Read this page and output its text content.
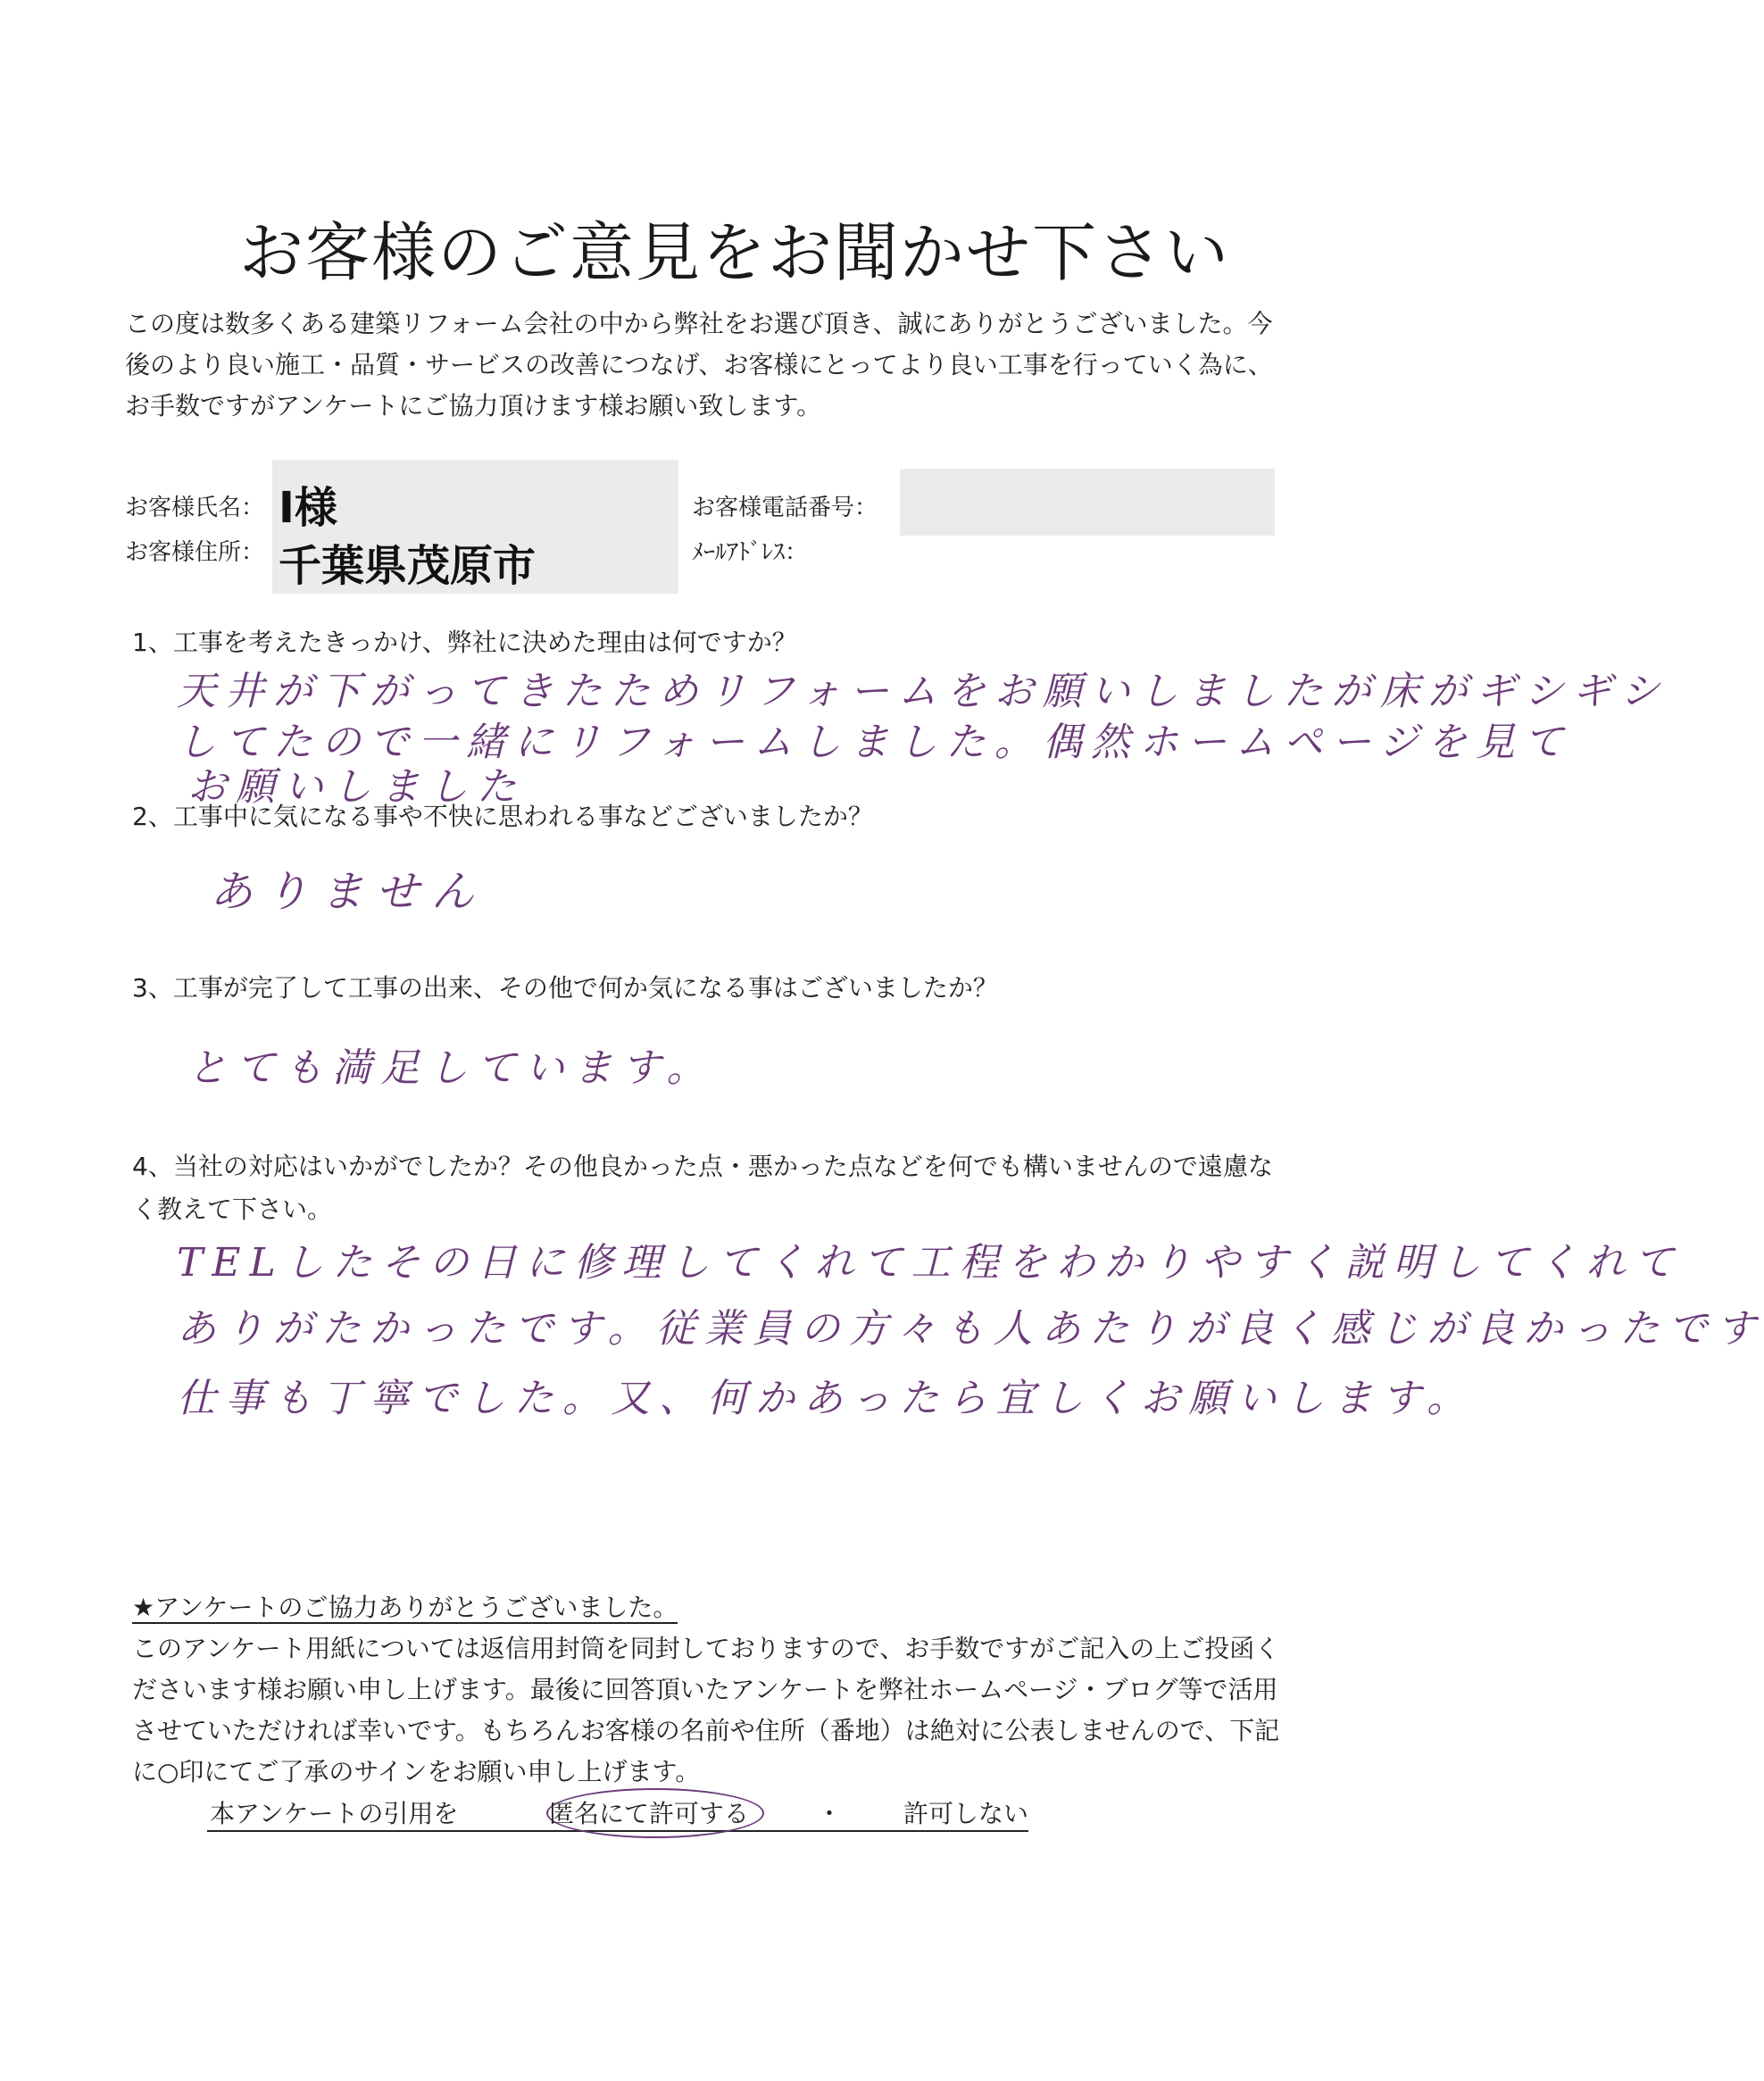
お客様のご意見をお聞かせ下さい
この度は数多くある建築リフォーム会社の中から弊社をお選び頂き、誠にありがとうございました。今
後のより良い施工・品質・サービスの改善につなげ、お客様にとってより良い工事を行っていく為に、
お手数ですがアンケートにご協力頂けます様お願い致します。
お客様氏名： I様
お客様住所： 千葉県茂原市
お客様電話番号：
ﾒｰﾙｱﾄﾞﾚｽ：
1、工事を考えたきっかけ、弊社に決めた理由は何ですか？
天井が下がってきたためリフォームをお願いしましたが床がギシギシ
してたので一緒にリフォームしました。偶然ホームページを見て
お願いしました
2、工事中に気になる事や不快に思われる事などございましたか？
ありません
3、工事が完了して工事の出来、その他で何か気になる事はございましたか？
とても満足しています。
4、当社の対応はいかがでしたか？その他良かった点・悪かった点などを何でも構いませんので遠慮な
く教えて下さい。
TELしたその日に修理してくれて工程をわかりやすく説明してくれて
ありがたかったです。従業員の方々も人あたりが良く感じが良かったです
仕事も丁寧でした。又、何かあったら宜しくお願いします。
★アンケートのご協力ありがとうございました。
このアンケート用紙については返信用封筒を同封しておりますので、お手数ですがご記入の上ご投函く
ださいます様お願い申し上げます。最後に回答頂いたアンケートを弊社ホームページ・ブログ等で活用
させていただければ幸いです。もちろんお客様の名前や住所（番地）は絶対に公表しませんので、下記
に○印にてご了承のサインをお願い申し上げます。
本アンケートの引用を	匿名にて許可する	・ 許可しない
